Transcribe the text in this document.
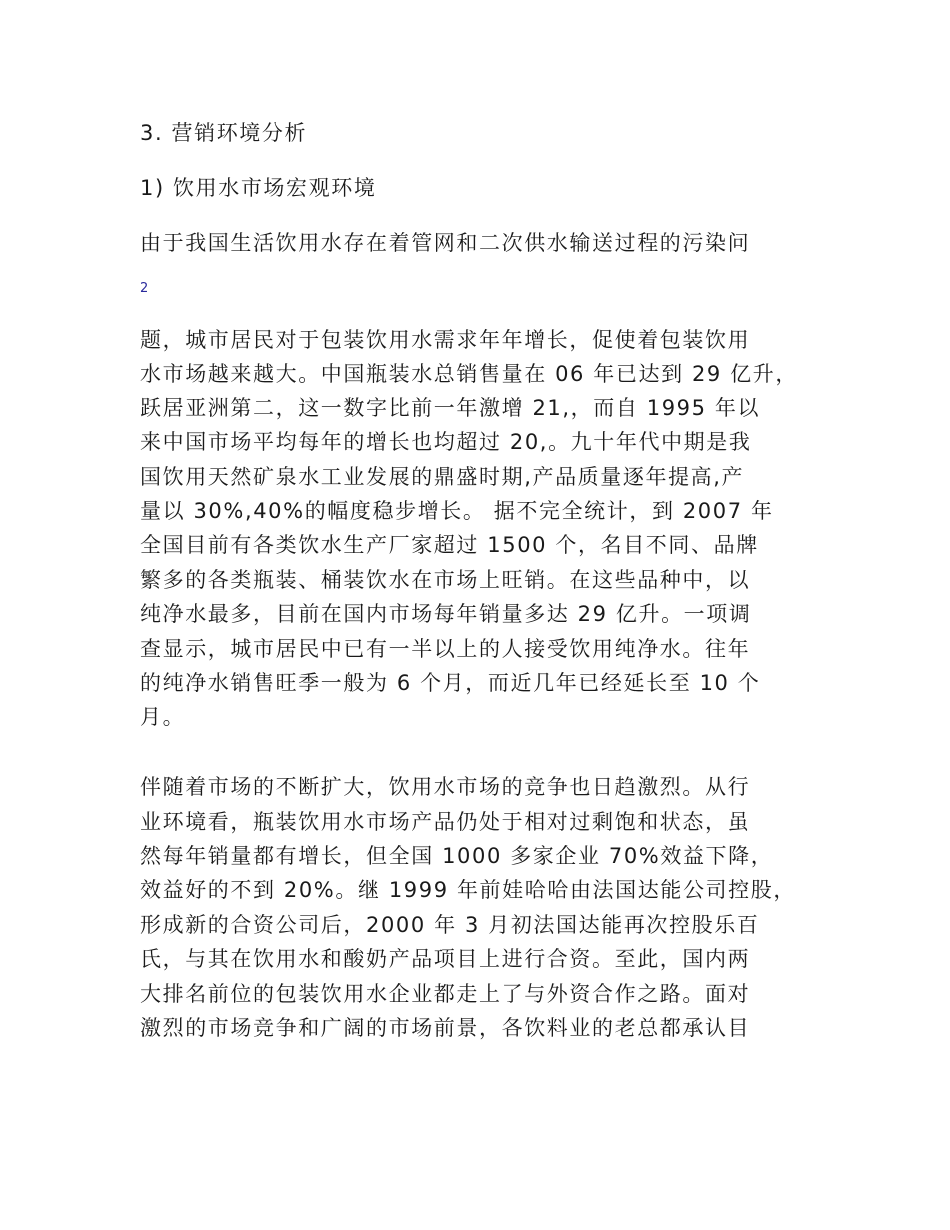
3. 营销环境分析
1) 饮用水市场宏观环境
由于我国生活饮用水存在着管网和二次供水输送过程的污染问
2
题，城市居民对于包装饮用水需求年年增长，促使着包装饮用
水市场越来越大。中国瓶装水总销售量在 06 年已达到 29 亿升，
跃居亚洲第二，这一数字比前一年激增 21,，而自 1995 年以
来中国市场平均每年的增长也均超过 20,。九十年代中期是我
国饮用天然矿泉水工业发展的鼎盛时期,产品质量逐年提高,产
量以 30%,40%的幅度稳步增长。 据不完全统计，到 2007 年
全国目前有各类饮水生产厂家超过 1500 个，名目不同、品牌
繁多的各类瓶装、桶装饮水在市场上旺销。在这些品种中，以
纯净水最多，目前在国内市场每年销量多达 29 亿升。一项调
查显示，城市居民中已有一半以上的人接受饮用纯净水。往年
的纯净水销售旺季一般为 6 个月，而近几年已经延长至 10 个
月。
伴随着市场的不断扩大，饮用水市场的竞争也日趋激烈。从行
业环境看，瓶装饮用水市场产品仍处于相对过剩饱和状态，虽
然每年销量都有增长，但全国 1000 多家企业 70%效益下降，
效益好的不到 20%。继 1999 年前娃哈哈由法国达能公司控股，
形成新的合资公司后，2000 年 3 月初法国达能再次控股乐百
氏，与其在饮用水和酸奶产品项目上进行合资。至此，国内两
大排名前位的包装饮用水企业都走上了与外资合作之路。面对
激烈的市场竞争和广阔的市场前景，各饮料业的老总都承认目
